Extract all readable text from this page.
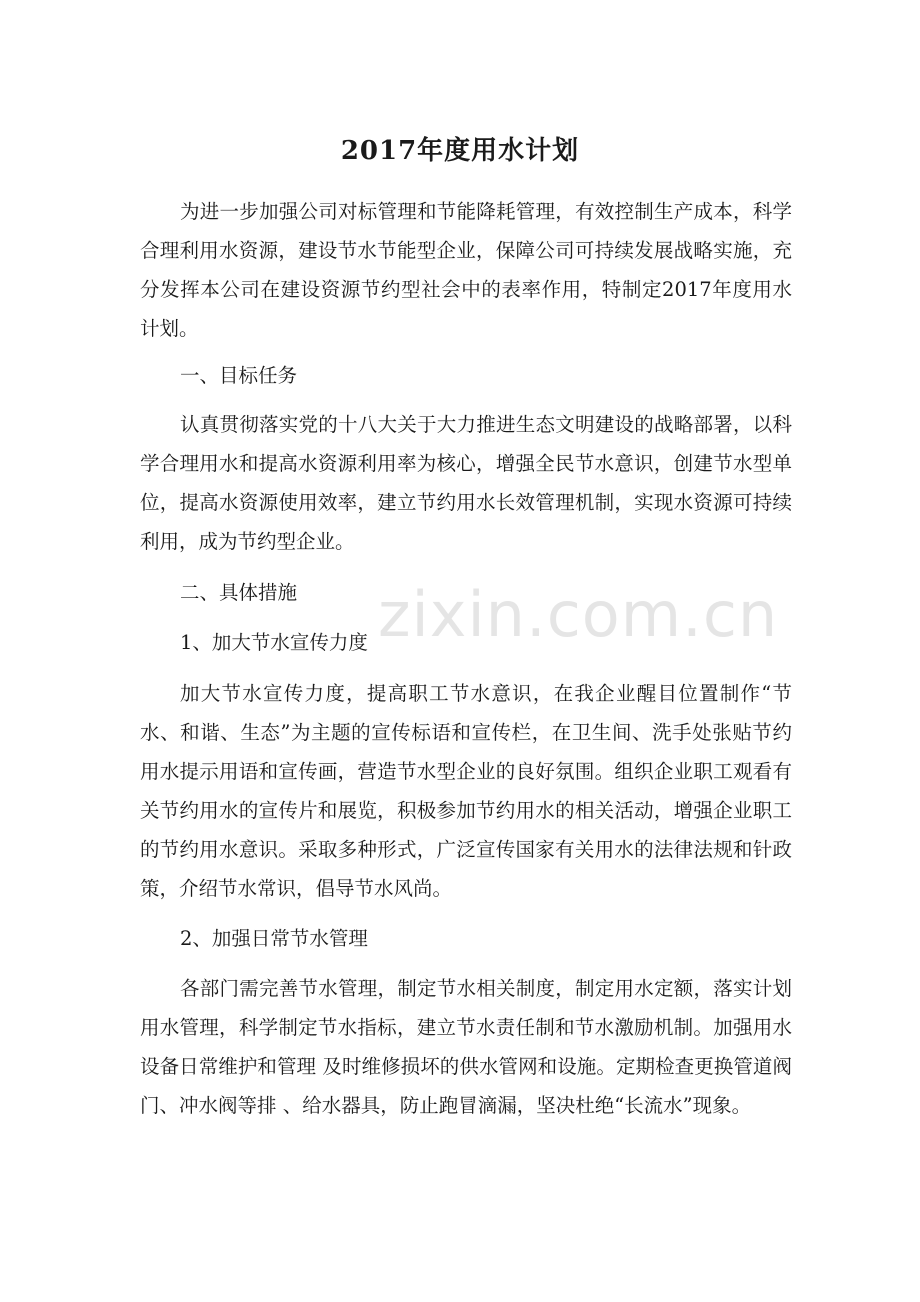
2017年度用水计划

为进一步加强公司对标管理和节能降耗管理，有效控制生产成本，科学合理利用水资源，建设节水节能型企业，保障公司可持续发展战略实施，充分发挥本公司在建设资源节约型社会中的表率作用，特制定2017年度用水计划。

一、目标任务

认真贯彻落实党的十八大关于大力推进生态文明建设的战略部署，以科学合理用水和提高水资源利用率为核心，增强全民节水意识，创建节水型单位，提高水资源使用效率，建立节约用水长效管理机制，实现水资源可持续利用，成为节约型企业。

二、具体措施
1、加大节水宣传力度

加大节水宣传力度，提高职工节水意识，在我企业醒目位置制作“节水、和谐、生态”为主题的宣传标语和宣传栏，在卫生间、洗手处张贴节约用水提示用语和宣传画，营造节水型企业的良好氛围。组织企业职工观看有关节约用水的宣传片和展览，积极参加节约用水的相关活动，增强企业职工的节约用水意识。采取多种形式，广泛宣传国家有关用水的法律法规和针政策，介绍节水常识，倡导节水风尚。

2、加强日常节水管理

各部门需完善节水管理，制定节水相关制度，制定用水定额，落实计划用水管理，科学制定节水指标，建立节水责任制和节水激励机制。加强用水设备日常维护和管理 及时维修损坏的供水管网和设施。定期检查更换管道阀门、冲水阀等排 、给水器具，防止跑冒滴漏，坚决杜绝“长流水”现象。

zixin.com.cn
